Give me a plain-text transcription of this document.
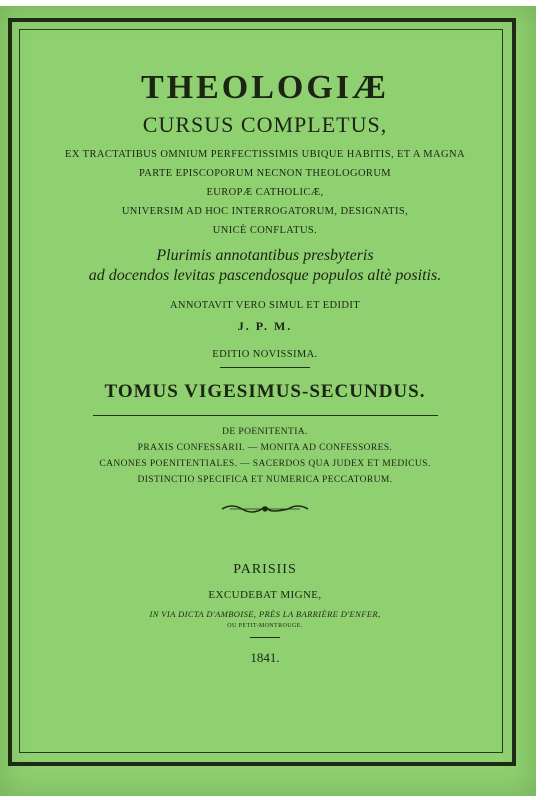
THEOLOGIÆ
CURSUS COMPLETUS,
EX TRACTATIBUS OMNIUM PERFECTISSIMIS UBIQUE HABITIS, ET A MAGNA
PARTE EPISCOPORUM NECNON THEOLOGORUM
EUROPÆ CATHOLICÆ,
UNIVERSIM AD HOC INTERROGATORUM, DESIGNATIS,
UNICÈ CONFLATUS.
Plurimis annotantibus presbyteris
ad docendos levitas pascendosque populos altè positis.
ANNOTAVIT VERO SIMUL ET EDIDIT
J. P. M.
EDITIO NOVISSIMA.
TOMUS VIGESIMUS-SECUNDUS.
DE POENITENTIA.
PRAXIS CONFESSARII. — MONITA AD CONFESSORES.
CANONES POENITENTIALES. — SACERDOS QUA JUDEX ET MEDICUS.
DISTINCTIO SPECIFICA ET NUMERICA PECCATORUM.
PARISIIS
EXCUDEBAT MIGNE,
IN VIA DICTA D'AMBOISE, PRÈS LA BARRIÈRE D'ENFER,
OU PETIT-MONTROUGE.
1841.
